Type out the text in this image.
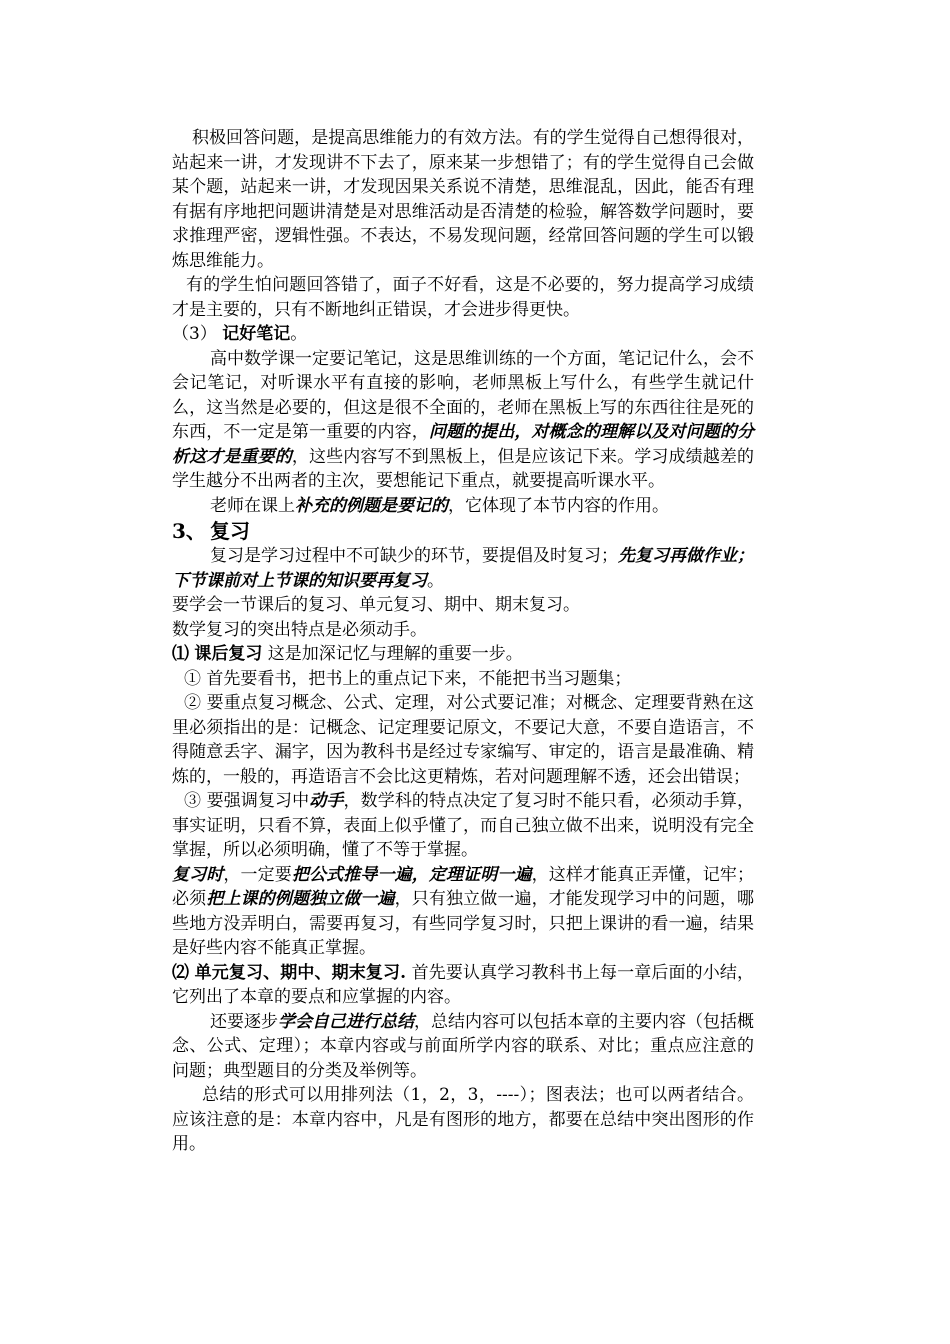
积极回答问题，是提高思维能力的有效方法。有的学生觉得自己想得很对，站起来一讲，才发现讲不下去了，原来某一步想错了；有的学生觉得自己会做某个题，站起来一讲，才发现因果关系说不清楚，思维混乱，因此，能否有理有据有序地把问题讲清楚是对思维活动是否清楚的检验，解答数学问题时，要求推理严密，逻辑性强。不表达，不易发现问题，经常回答问题的学生可以锻炼思维能力。

有的学生怕问题回答错了，面子不好看，这是不必要的，努力提高学习成绩才是主要的，只有不断地纠正错误，才会进步得更快。

（3） 记好笔记。

高中数学课一定要记笔记，这是思维训练的一个方面，笔记记什么，会不会记笔记，对听课水平有直接的影响，老师黑板上写什么，有些学生就记什么，这当然是必要的，但这是很不全面的，老师在黑板上写的东西往往是死的东西，不一定是第一重要的内容，问题的提出，对概念的理解以及对问题的分析这才是重要的，这些内容写不到黑板上，但是应该记下来。学习成绩越差的学生越分不出两者的主次，要想能记下重点，就要提高听课水平。

老师在课上补充的例题是要记的，它体现了本节内容的作用。

3、 复习

复习是学习过程中不可缺少的环节，要提倡及时复习；先复习再做作业；下节课前对上节课的知识要再复习。

要学会一节课后的复习、单元复习、期中、期末复习。

数学复习的突出特点是必须动手。

⑴ 课后复习 这是加深记忆与理解的重要一步。

① 首先要看书，把书上的重点记下来，不能把书当习题集；

② 要重点复习概念、公式、定理，对公式要记准；对概念、定理要背熟在这里必须指出的是：记概念、记定理要记原文，不要记大意，不要自造语言，不得随意丢字、漏字，因为教科书是经过专家编写、审定的，语言是最准确、精炼的，一般的，再造语言不会比这更精炼，若对问题理解不透，还会出错误；

③ 要强调复习中动手，数学科的特点决定了复习时不能只看，必须动手算，事实证明，只看不算，表面上似乎懂了，而自己独立做不出来，说明没有完全掌握，所以必须明确，懂了不等于掌握。

复习时，一定要把公式推导一遍，定理证明一遍，这样才能真正弄懂，记牢；必须把上课的例题独立做一遍，只有独立做一遍，才能发现学习中的问题，哪些地方没弄明白，需要再复习，有些同学复习时，只把上课讲的看一遍，结果是好些内容不能真正掌握。

⑵ 单元复习、期中、期末复习. 首先要认真学习教科书上每一章后面的小结，它列出了本章的要点和应掌握的内容。

还要逐步学会自己进行总结，总结内容可以包括本章的主要内容（包括概念、公式、定理）；本章内容或与前面所学内容的联系、对比；重点应注意的问题；典型题目的分类及举例等。

总结的形式可以用排列法（1，2，3，----）；图表法；也可以两者结合。应该注意的是：本章内容中，凡是有图形的地方，都要在总结中突出图形的作用。
